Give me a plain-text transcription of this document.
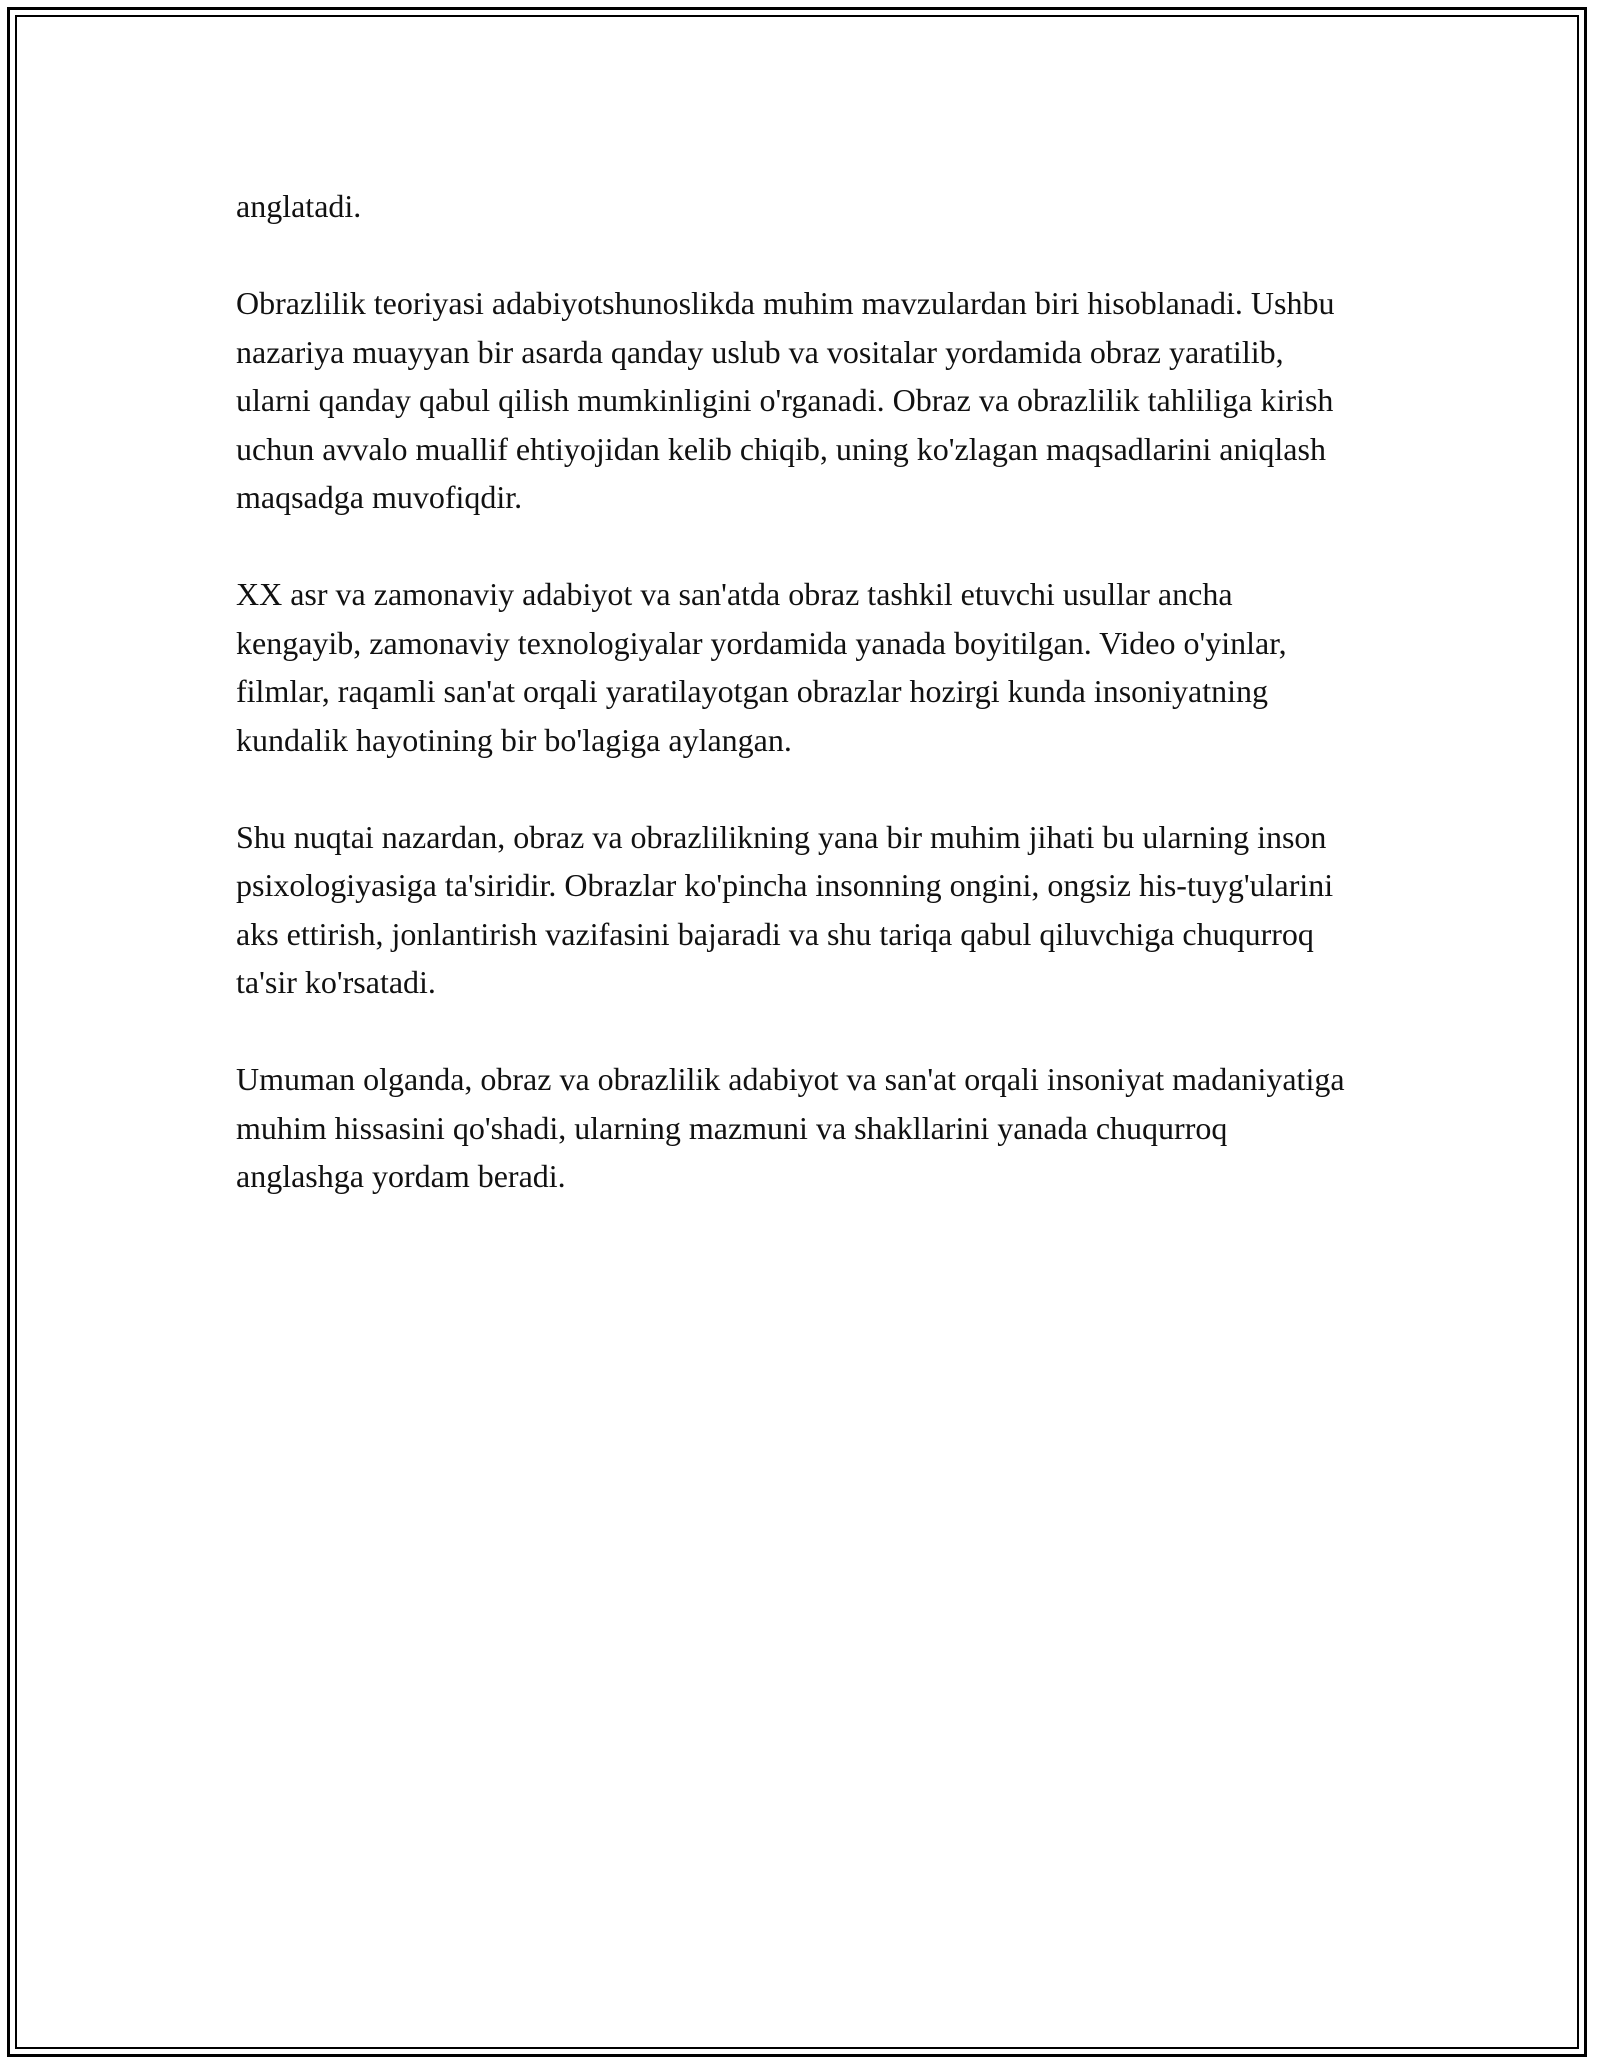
anglatadi.

Obrazlilik teoriyasi adabiyotshunoslikda muhim mavzulardan biri hisoblanadi. Ushbu nazariya muayyan bir asarda qanday uslub va vositalar yordamida obraz yaratilib, ularni qanday qabul qilish mumkinligini o'rganadi. Obraz va obrazlilik tahliliga kirish uchun avvalo muallif ehtiyojidan kelib chiqib, uning ko'zlagan maqsadlarini aniqlash maqsadga muvofiqdir.

XX asr va zamonaviy adabiyot va san'atda obraz tashkil etuvchi usullar ancha kengayib, zamonaviy texnologiyalar yordamida yanada boyitilgan. Video o'yinlar, filmlar, raqamli san'at orqali yaratilayotgan obrazlar hozirgi kunda insoniyatning kundalik hayotining bir bo'lagiga aylangan.

Shu nuqtai nazardan, obraz va obrazlilikning yana bir muhim jihati bu ularning inson psixologiyasiga ta'siridir. Obrazlar ko'pincha insonning ongini, ongsiz his-tuyg'ularini aks ettirish, jonlantirish vazifasini bajaradi va shu tariqa qabul qiluvchiga chuqurroq ta'sir ko'rsatadi.

Umuman olganda, obraz va obrazlilik adabiyot va san'at orqali insoniyat madaniyatiga muhim hissasini qo'shadi, ularning mazmuni va shakllarini yanada chuqurroq anglashga yordam beradi.
